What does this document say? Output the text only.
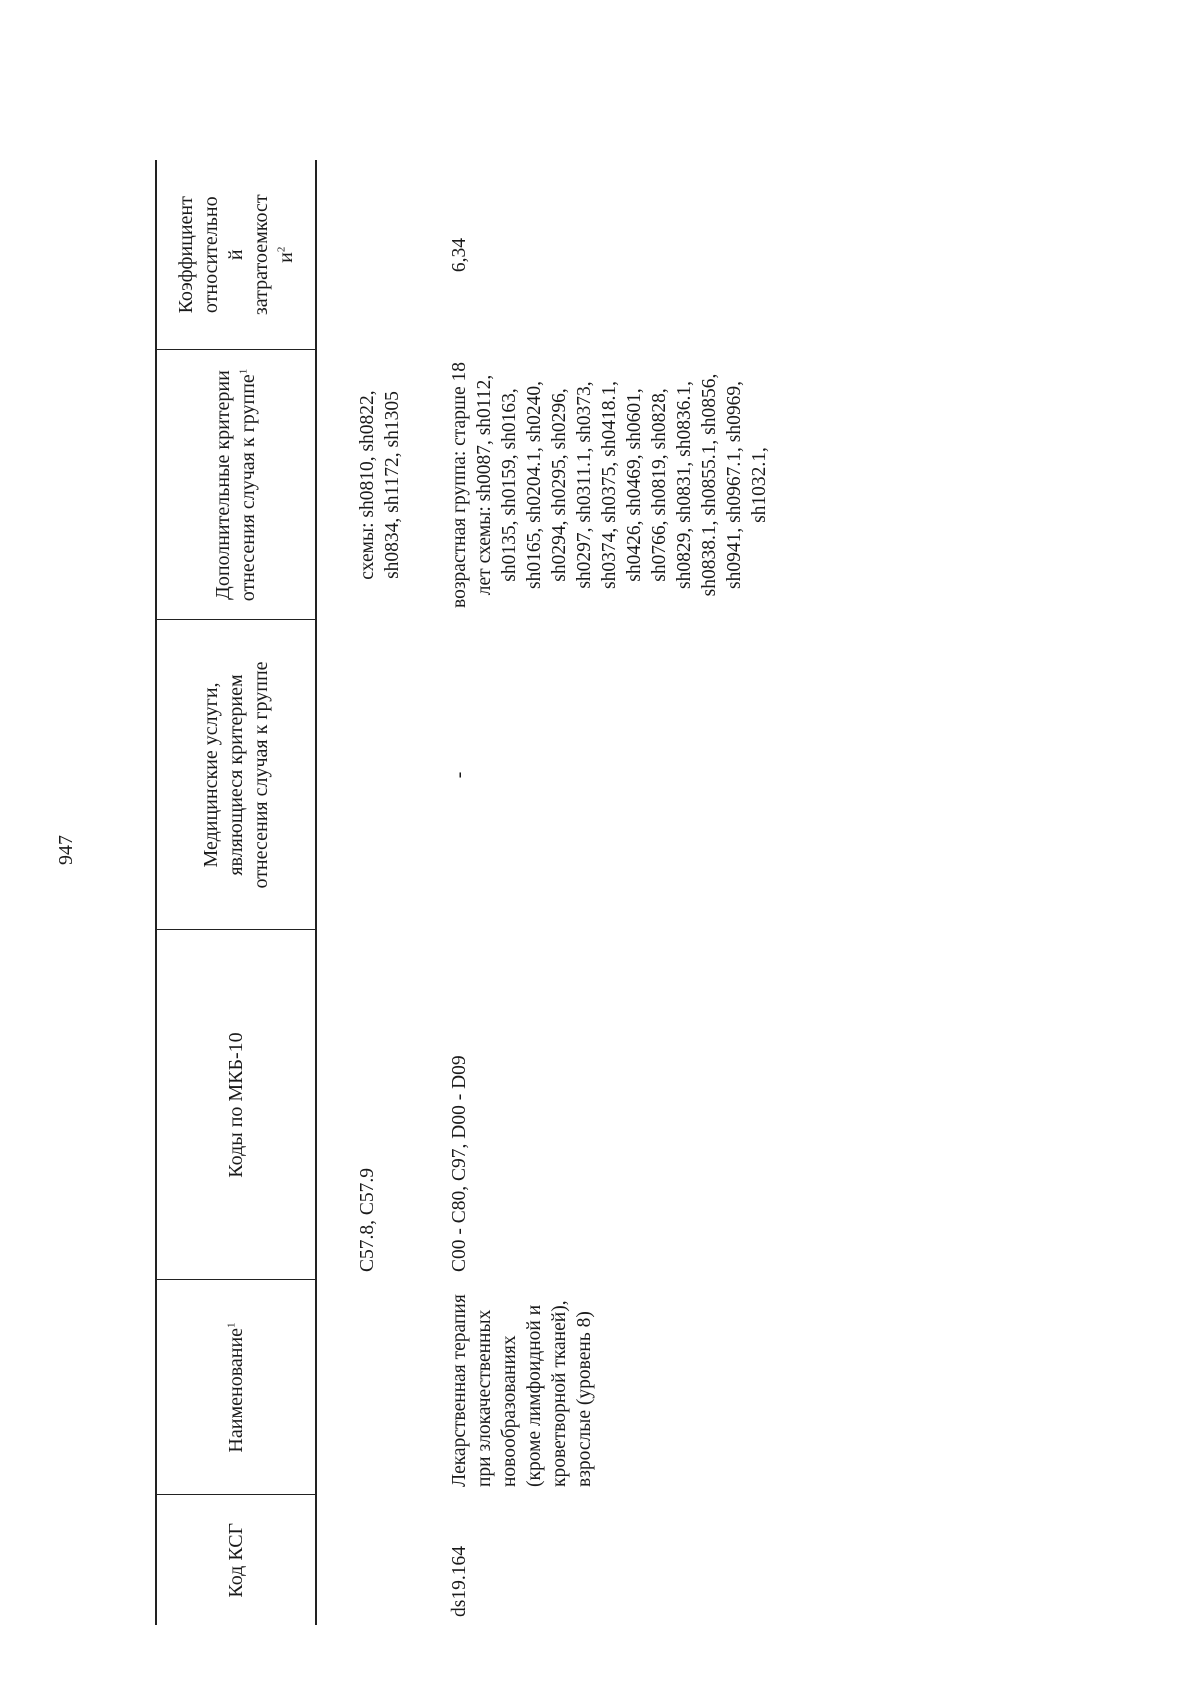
947
Код КСГ	Наименование$^1$	Коды по МКБ-10	Медицинские услуги, являющиеся критерием отнесения случая к группе	Дополнительные критерии отнесения случая к группе$^1$	Коэффициент относительно й затратоемкост $и^2$
		C57.8, C57.9		схемы: sh0810, sh0822, sh0834, sh1172, sh1305	
ds19.164	Лекарственная терапия при злокачественных новообразованиях (кроме лимфоидной и кроветворной тканей), взрослые (уровень 8)	C00 - C80, C97, D00 - D09	-	возрастная группа: старше 18 лет схемы: sh0087, sh0112, sh0135, sh0159, sh0163, sh0165, sh0204.1, sh0240, sh0294, sh0295, sh0296, sh0297, sh0311.1, sh0373, sh0374, sh0375, sh0418.1, sh0426, sh0469, sh0601, sh0766, sh0819, sh0828, sh0829, sh0831, sh0836.1, sh0838.1, sh0855.1, sh0856, sh0941, sh0967.1, sh0969, sh1032.1,	6,34
